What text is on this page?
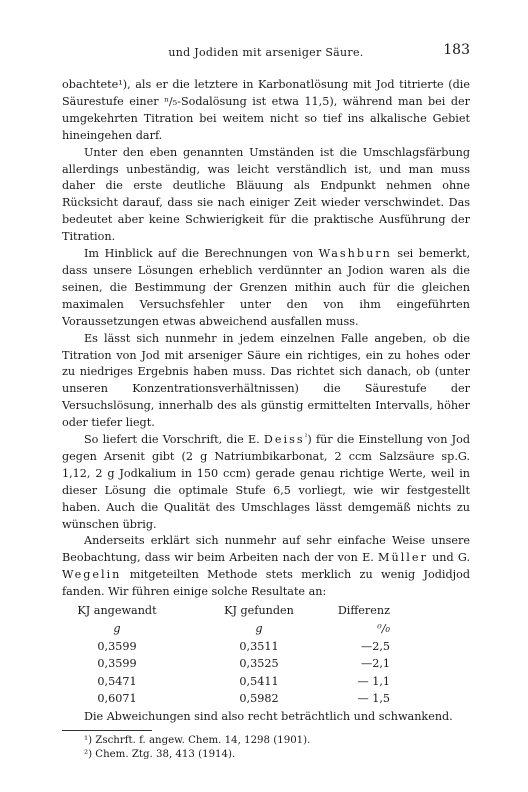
und Jodiden mit arseniger Säure.	183

obachtete¹), als er die letztere in Karbonatlösung mit Jod titrierte (die Säurestufe einer ⁿ/₅-Sodalösung ist etwa 11,5), während man bei der umgekehrten Titration bei weitem nicht so tief ins alkalische Gebiet hineingehen darf.

Unter den eben genannten Umständen ist die Umschlagsfärbung allerdings unbeständig, was leicht verständlich ist, und man muss daher die erste deutliche Bläuung als Endpunkt nehmen ohne Rücksicht darauf, dass sie nach einiger Zeit wieder verschwindet. Das bedeutet aber keine Schwierigkeit für die praktische Ausführung der Titration.

Im Hinblick auf die Berechnungen von Washburn sei bemerkt, dass unsere Lösungen erheblich verdünnter an Jodion waren als die seinen, die Bestimmung der Grenzen mithin auch für die gleichen maximalen Versuchsfehler unter den von ihm eingeführten Voraussetzungen etwas abweichend ausfallen muss.

Es lässt sich nunmehr in jedem einzelnen Falle angeben, ob die Titration von Jod mit arseniger Säure ein richtiges, ein zu hohes oder zu niedriges Ergebnis haben muss. Das richtet sich danach, ob (unter unseren Konzentrationsverhältnissen) die Säurestufe der Versuchslösung, innerhalb des als günstig ermittelten Intervalls, höher oder tiefer liegt.

So liefert die Vorschrift, die E. Deiss$^{^2}$) für die Einstellung von Jod gegen Arsenit gibt (2 g Natriumbikarbonat, 2 ccm Salzsäure sp.G. 1,12, 2 g Jodkalium in 150 ccm) gerade genau richtige Werte, weil in dieser Lösung die optimale Stufe 6,5 vorliegt, wie wir festgestellt haben. Auch die Qualität des Umschlages lässt demgemäß nichts zu wünschen übrig.

Anderseits erklärt sich nunmehr auf sehr einfache Weise unsere Beobachtung, dass wir beim Arbeiten nach der von E. Müller und G. Wegelin mitgeteilten Methode stets merklich zu wenig Jodidjod fanden. Wir führen einige solche Resultate an:

KJ angewandt	KJ gefunden	Differenz
g	g	⁰/₀
0,3599	0,3511	—2,5
0,3599	0,3525	—2,1
0,5471	0,5411	— 1,1
0,6071	0,5982	— 1,5

Die Abweichungen sind also recht beträchtlich und schwankend.

¹) Zschrft. f. angew. Chem. 14, 1298 (1901).

²) Chem. Ztg. 38, 413 (1914).
